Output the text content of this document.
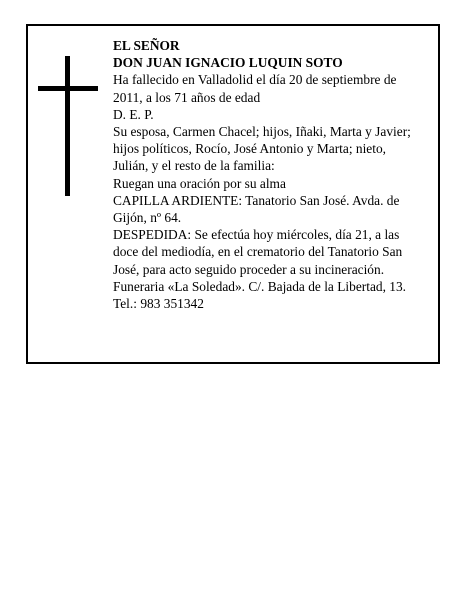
EL SEÑOR

DON JUAN IGNACIO LUQUIN SOTO

Ha fallecido en Valladolid el día 20 de septiembre de 2011, a los 71 años de edad

D. E. P.

Su esposa, Carmen Chacel; hijos, Iñaki, Marta y Javier; hijos políticos, Rocío, José Antonio y Marta; nieto, Julián, y el resto de la familia:

Ruegan una oración por su alma

CAPILLA ARDIENTE: Tanatorio San José. Avda. de Gijón, nº 64.

DESPEDIDA: Se efectúa hoy miércoles, día 21, a las doce del mediodía, en el crematorio del Tanatorio San José, para acto seguido proceder a su incineración.

Funeraria «La Soledad». C/. Bajada de la Libertad, 13.

Tel.: 983 351342
